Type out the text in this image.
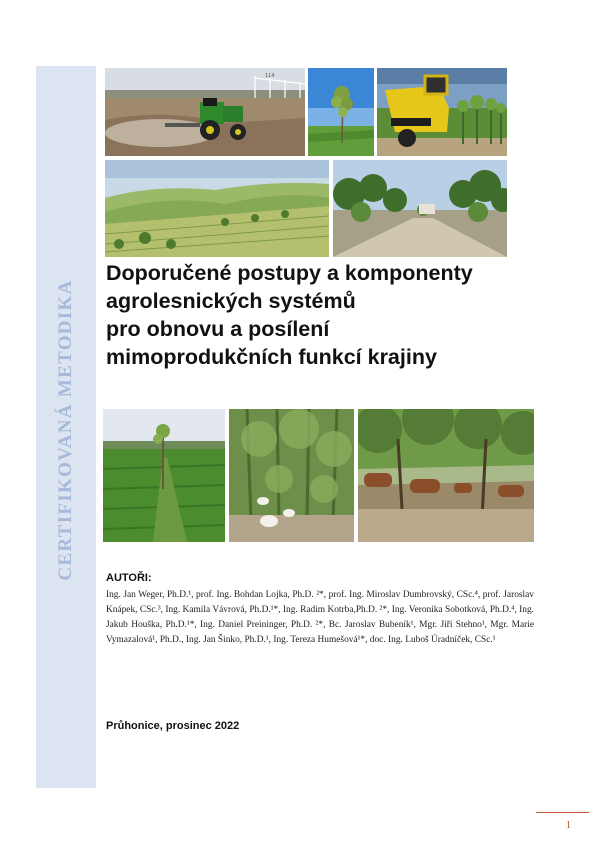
CERTIFIKOVANÁ METODIKA
114
Doporučené postupy a komponenty
agrolesnických systémů
pro obnovu a posílení
mimoprodukčních funkcí krajiny
AUTOŘI:

Ing. Jan Weger, Ph.D.¹, prof. Ing. Bohdan Lojka, Ph.D. ²*, prof. Ing. Miroslav Dumbrovský, CSc.⁴, prof. Jaroslav Knápek, CSc.³, Ing. Kamila Vávrová, Ph.D.¹*, Ing. Radim Kotrba,Ph.D. ²*, Ing. Veronika Sobotková, Ph.D.⁴, Ing. Jakub Houška, Ph.D.¹*, Ing. Daniel Preininger, Ph.D. ²*, Bc. Jaroslav Bubeník¹, Mgr. Jiří Stehno¹, Mgr. Marie Vymazalová¹, Ph.D., Ing. Jan Šinko, Ph.D.¹, Ing. Tereza Humešová¹*, doc. Ing. Luboš Úradníček, CSc.¹

Průhonice, prosinec 2022
1
